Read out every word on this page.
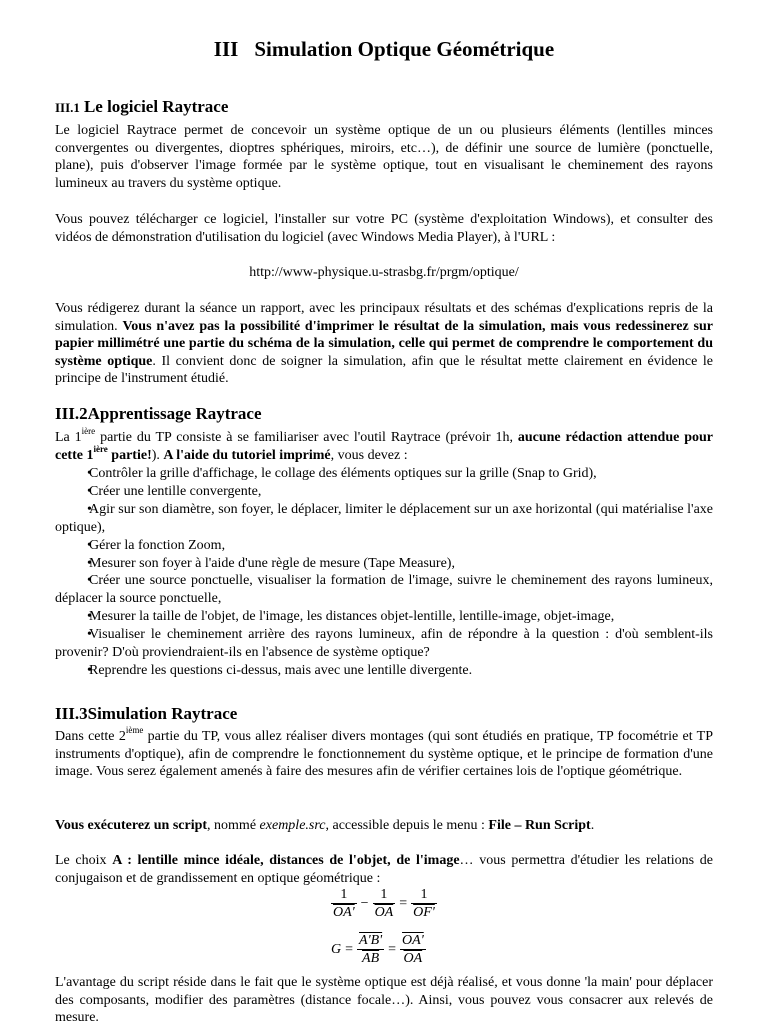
III Simulation Optique Géométrique
III.1 Le logiciel Raytrace

Le logiciel Raytrace permet de concevoir un système optique de un ou plusieurs éléments (lentilles minces convergentes ou divergentes, dioptres sphériques, miroirs, etc…), de définir une source de lumière (ponctuelle, plane), puis d'observer l'image formée par le système optique, tout en visualisant le cheminement des rayons lumineux au travers du système optique.

Vous pouvez télécharger ce logiciel, l'installer sur votre PC (système d'exploitation Windows), et consulter des vidéos de démonstration d'utilisation du logiciel (avec Windows Media Player), à l'URL :

http://www-physique.u-strasbg.fr/prgm/optique/

Vous rédigerez durant la séance un rapport, avec les principaux résultats et des schémas d'explications repris de la simulation. Vous n'avez pas la possibilité d'imprimer le résultat de la simulation, mais vous redessinerez sur papier millimétré une partie du schéma de la simulation, celle qui permet de comprendre le comportement du système optique. Il convient donc de soigner la simulation, afin que le résultat mette clairement en évidence le principe de l'instrument étudié.

III.2Apprentissage Raytrace

La $1^{ière}$ partie du TP consiste à se familiariser avec l'outil Raytrace (prévoir 1h, aucune rédaction attendue pour cette $1^{ière}$ partie!). A l'aide du tutoriel imprimé, vous devez :

• Contrôler la grille d'affichage, le collage des éléments optiques sur la grille (Snap to Grid),
• Créer une lentille convergente,
• Agir sur son diamètre, son foyer, le déplacer, limiter le déplacement sur un axe horizontal (qui matérialise l'axe optique),
• Gérer la fonction Zoom,
• Mesurer son foyer à l'aide d'une règle de mesure (Tape Measure),
• Créer une source ponctuelle, visualiser la formation de l'image, suivre le cheminement des rayons lumineux, déplacer la source ponctuelle,
• Mesurer la taille de l'objet, de l'image, les distances objet-lentille, lentille-image, objet-image,
• Visualiser le cheminement arrière des rayons lumineux, afin de répondre à la question : d'où semblent-ils provenir? D'où proviendraient-ils en l'absence de système optique?
• Reprendre les questions ci-dessus, mais avec une lentille divergente.
III.3Simulation Raytrace

Dans cette 2ième partie du TP, vous allez réaliser divers montages (qui sont étudiés en pratique, TP focométrie et TP instruments d'optique), afin de comprendre le fonctionnement du système optique, et le principe de formation d'une image. Vous serez également amenés à faire des mesures afin de vérifier certaines lois de l'optique géométrique.

Vous exécuterez un script, nommé exemple.src, accessible depuis le menu : File – Run Script.

Le choix A : lentille mince idéale, distances de l'objet, de l'image… vous permettra d'étudier les relations de conjugaison et de grandissement en optique géométrique :

$\frac{1}{OA'} - \frac{1}{OA} = \frac{1}{OF'}$
$G = \frac{A'B'}{AB} = \frac{OA'}{OA}$

L'avantage du script réside dans le fait que le système optique est déjà réalisé, et vous donne 'la main' pour déplacer des composants, modifier des paramètres (distance focale…). Ainsi, vous pouvez vous consacrer aux relevés de mesure.
